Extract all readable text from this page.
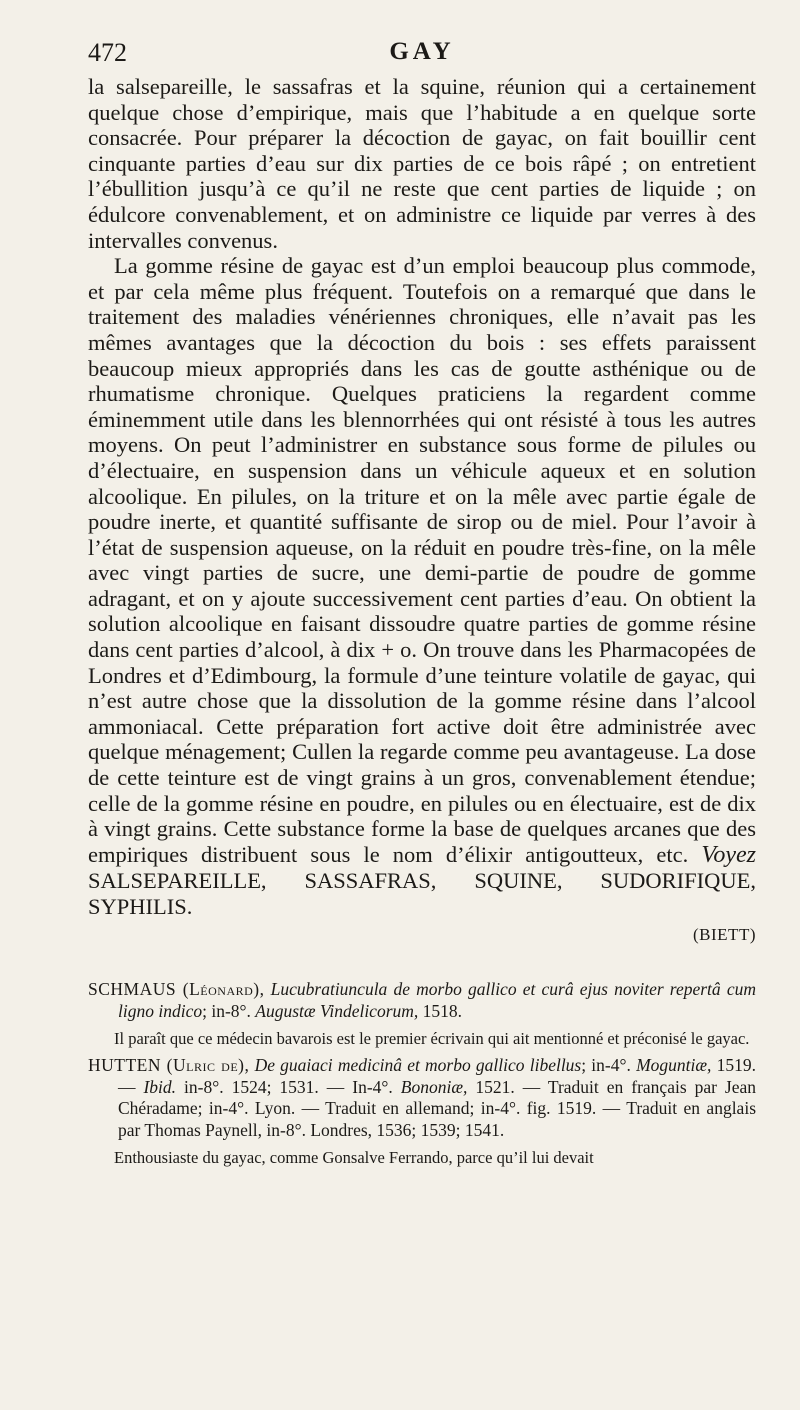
472	GAY

la salsepareille, le sassafras et la squine, réunion qui a certainement quelque chose d’empirique, mais que l’habitude a en quelque sorte consacrée. Pour préparer la décoction de gayac, on fait bouillir cent cinquante parties d’eau sur dix parties de ce bois râpé ; on entretient l’ébullition jusqu’à ce qu’il ne reste que cent parties de liquide ; on édulcore convenablement, et on administre ce liquide par verres à des intervalles convenus.

La gomme résine de gayac est d’un emploi beaucoup plus commode, et par cela même plus fréquent. Toutefois on a remarqué que dans le traitement des maladies vénériennes chroniques, elle n’avait pas les mêmes avantages que la décoction du bois : ses effets paraissent beaucoup mieux appropriés dans les cas de goutte asthénique ou de rhumatisme chronique. Quelques praticiens la regardent comme éminemment utile dans les blennorrhées qui ont résisté à tous les autres moyens. On peut l’administrer en substance sous forme de pilules ou d’électuaire, en suspension dans un véhicule aqueux et en solution alcoolique. En pilules, on la triture et on la mêle avec partie égale de poudre inerte, et quantité suffisante de sirop ou de miel. Pour l’avoir à l’état de suspension aqueuse, on la réduit en poudre très-fine, on la mêle avec vingt parties de sucre, une demi-partie de poudre de gomme adragant, et on y ajoute successivement cent parties d’eau. On obtient la solution alcoolique en faisant dissoudre quatre parties de gomme résine dans cent parties d’alcool, à dix + o. On trouve dans les Pharmacopées de Londres et d’Edimbourg, la formule d’une teinture volatile de gayac, qui n’est autre chose que la dissolution de la gomme résine dans l’alcool ammoniacal. Cette préparation fort active doit être administrée avec quelque ménagement; Cullen la regarde comme peu avantageuse. La dose de cette teinture est de vingt grains à un gros, convenablement étendue; celle de la gomme résine en poudre, en pilules ou en électuaire, est de dix à vingt grains. Cette substance forme la base de quelques arcanes que des empiriques distribuent sous le nom d’élixir antigoutteux, etc. Voyez SALSEPAREILLE, SASSAFRAS, SQUINE, SUDORIFIQUE, SYPHILIS.

(BIETT)

SCHMAUS (Léonard), Lucubratiuncula de morbo gallico et curâ ejus noviter repertâ cum ligno indico; in-8°. Augustæ Vindelicorum, 1518.

Il paraît que ce médecin bavarois est le premier écrivain qui ait mentionné et préconisé le gayac.

HUTTEN (Ulric de), De guaiaci medicinâ et morbo gallico libellus; in-4°. Moguntiæ, 1519. — Ibid. in-8°. 1524; 1531. — In-4°. Bononiæ, 1521. — Traduit en français par Jean Chéradame; in-4°. Lyon. — Traduit en allemand; in-4°. fig. 1519. — Traduit en anglais par Thomas Paynell, in-8°. Londres, 1536; 1539; 1541.

Enthousiaste du gayac, comme Gonsalve Ferrando, parce qu’il lui devait
